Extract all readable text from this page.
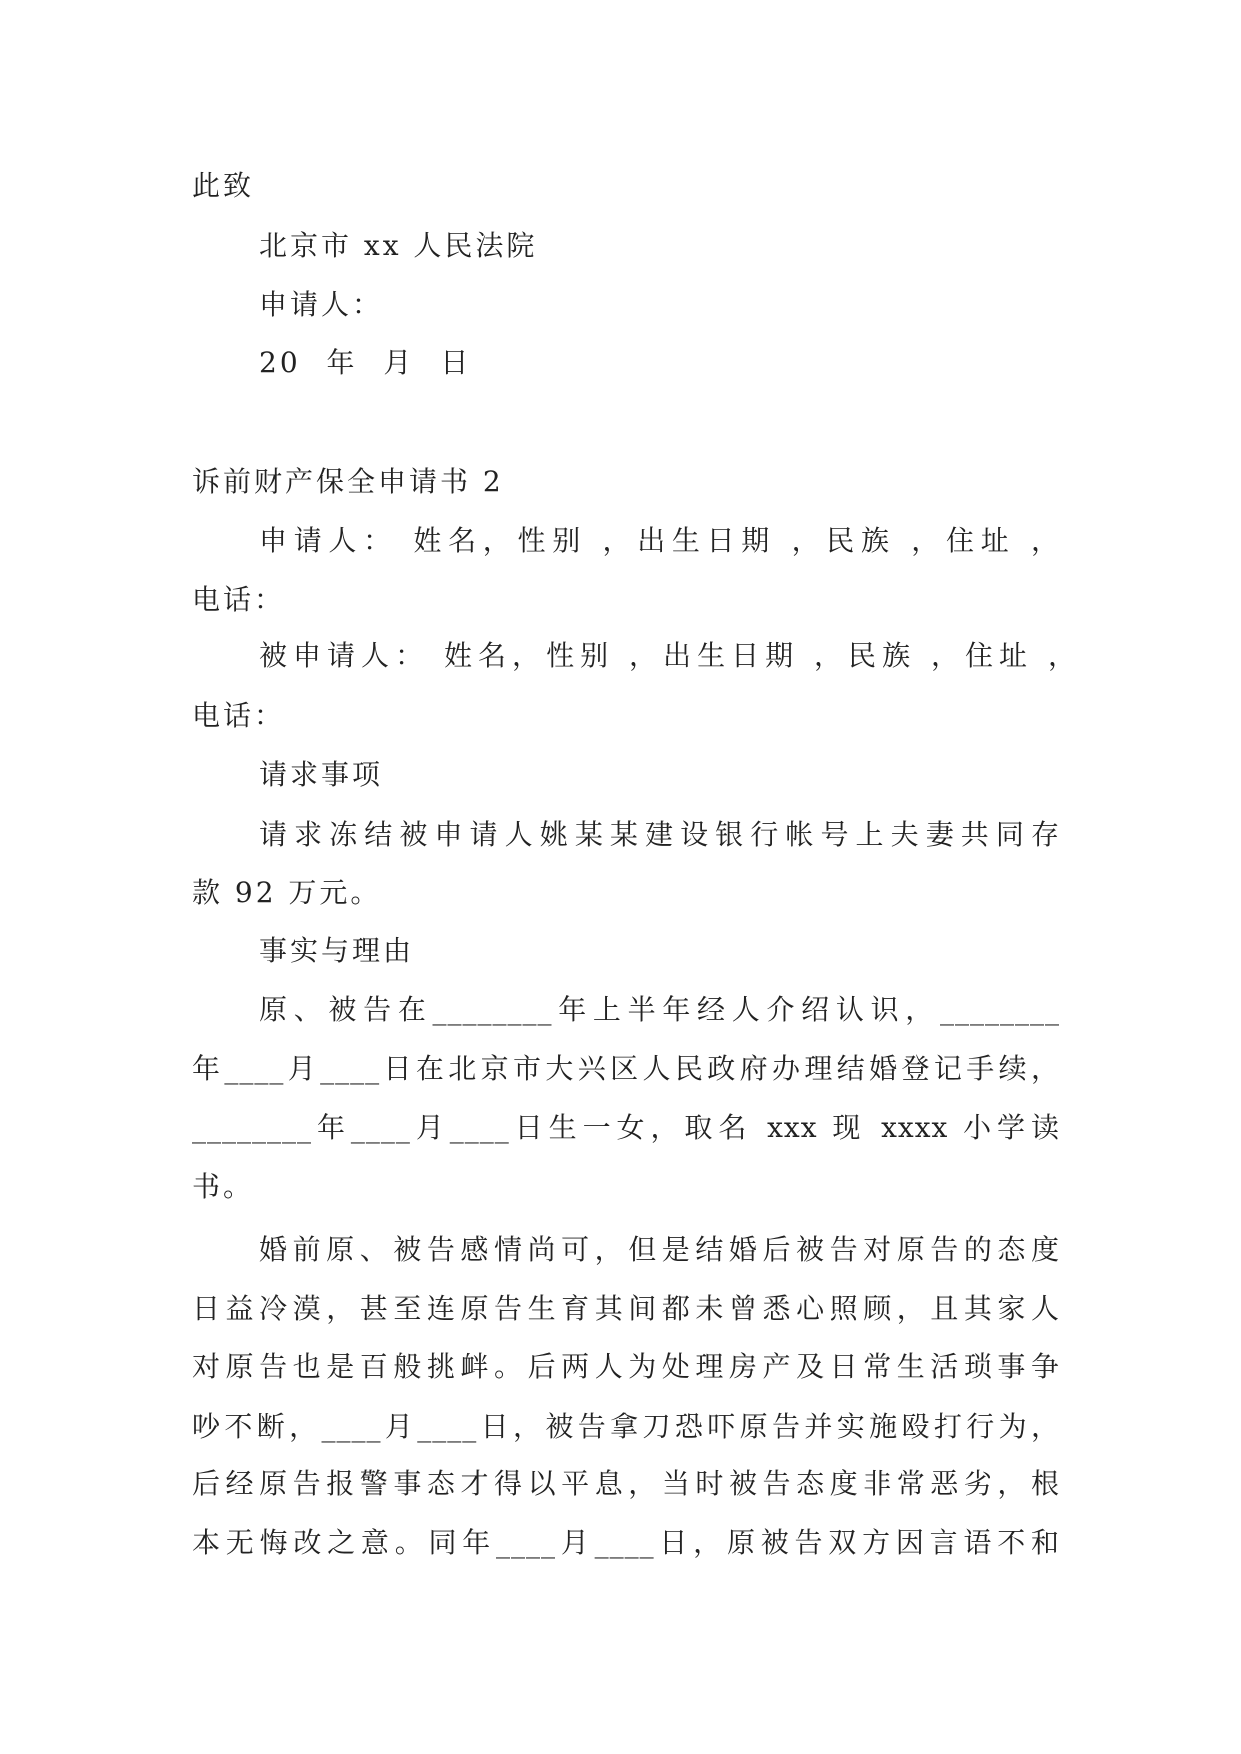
此致
北京市 xx 人民法院
申请人：
20 年 月 日
诉前财产保全申请书 2
申请人： 姓名，性别 ，出生日期 ，民族 ，住址 ，
电话：
被申请人： 姓名，性别 ，出生日期 ，民族 ，住址 ，
电话：
请求事项
请求冻结被申请人姚某某建设银行帐号上夫妻共同存
款 92 万元。
事实与理由
原、被告在________年上半年经人介绍认识，________
年____月____日在北京市大兴区人民政府办理结婚登记手续，
________年____月____日生一女，取名 xxx 现 xxxx 小学读
书。
婚前原、被告感情尚可，但是结婚后被告对原告的态度
日益冷漠，甚至连原告生育其间都未曾悉心照顾，且其家人
对原告也是百般挑衅。后两人为处理房产及日常生活琐事争
吵不断，____月____日，被告拿刀恐吓原告并实施殴打行为，
后经原告报警事态才得以平息，当时被告态度非常恶劣，根
本无悔改之意。同年____月____日，原被告双方因言语不和
